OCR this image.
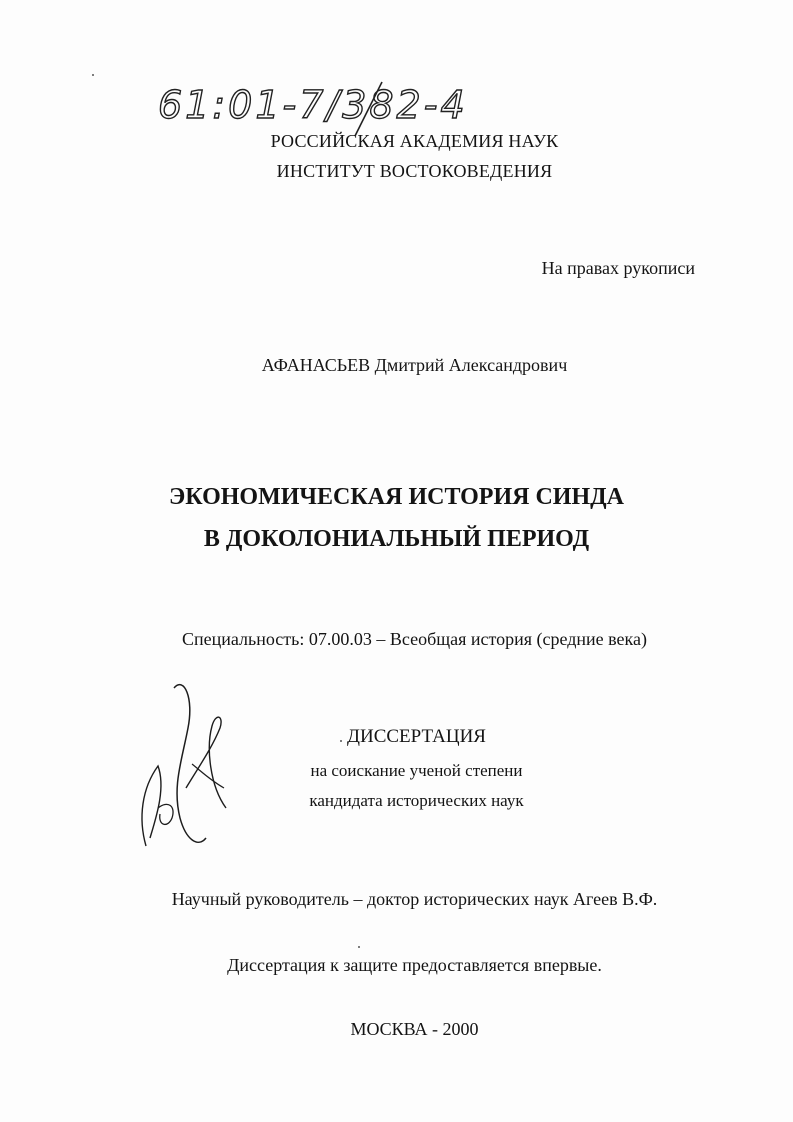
61:01-7/382-4
РОССИЙСКАЯ АКАДЕМИЯ НАУК
ИНСТИТУТ ВОСТОКОВЕДЕНИЯ
На правах рукописи
АФАНАСЬЕВ Дмитрий Александрович
ЭКОНОМИЧЕСКАЯ ИСТОРИЯ СИНДА
В ДОКОЛОНИАЛЬНЫЙ ПЕРИОД
Специальность: 07.00.03 – Всеобщая история (средние века)
ДИССЕРТАЦИЯ
на соискание ученой степени
кандидата исторических наук
Научный руководитель – доктор исторических наук Агеев В.Ф.
Диссертация к защите предоставляется впервые.
МОСКВА - 2000
